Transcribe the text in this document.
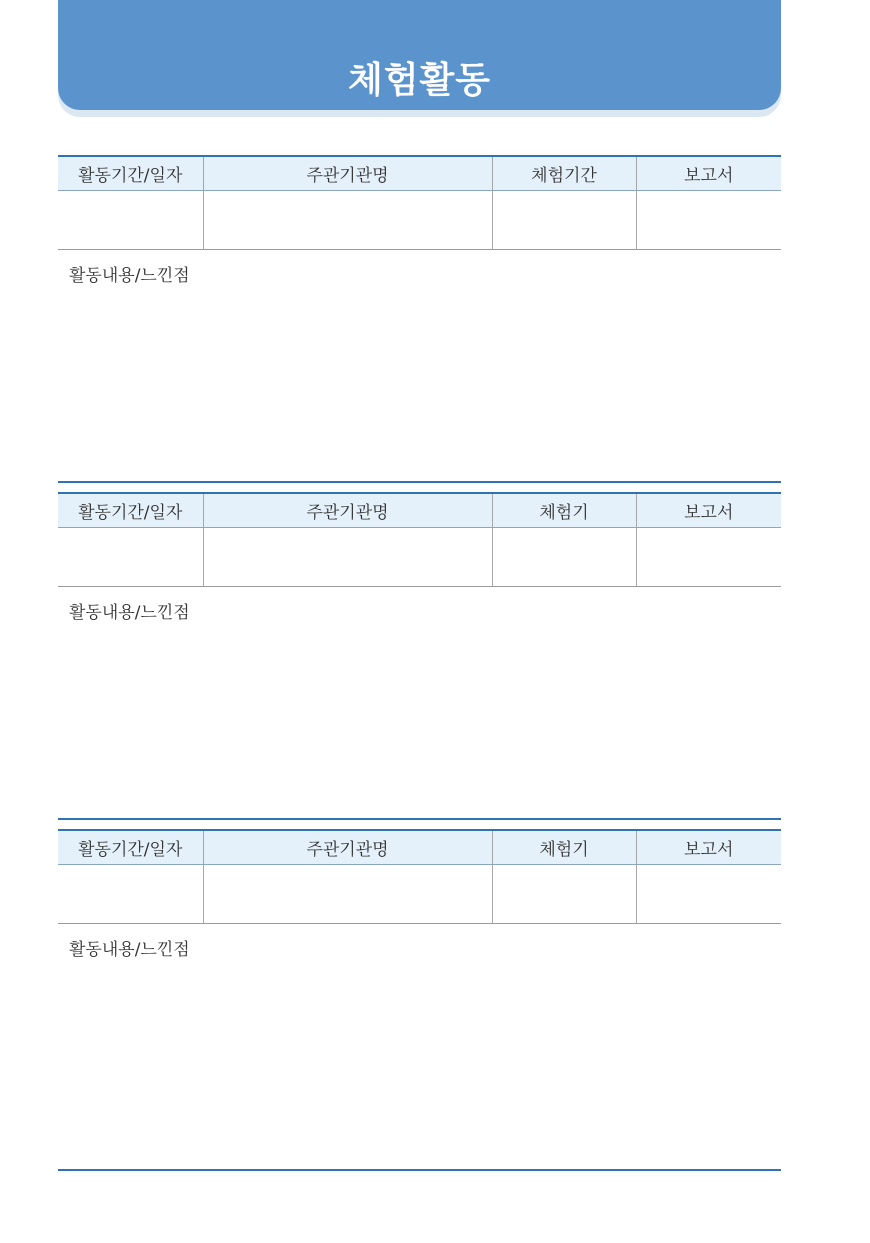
체험활동
활동기간/일자	주관기관명	체험기간	보고서

활동내용/느낀점
활동기간/일자	주관기관명	체험기	보고서

활동내용/느낀점
활동기간/일자	주관기관명	체험기	보고서

활동내용/느낀점
